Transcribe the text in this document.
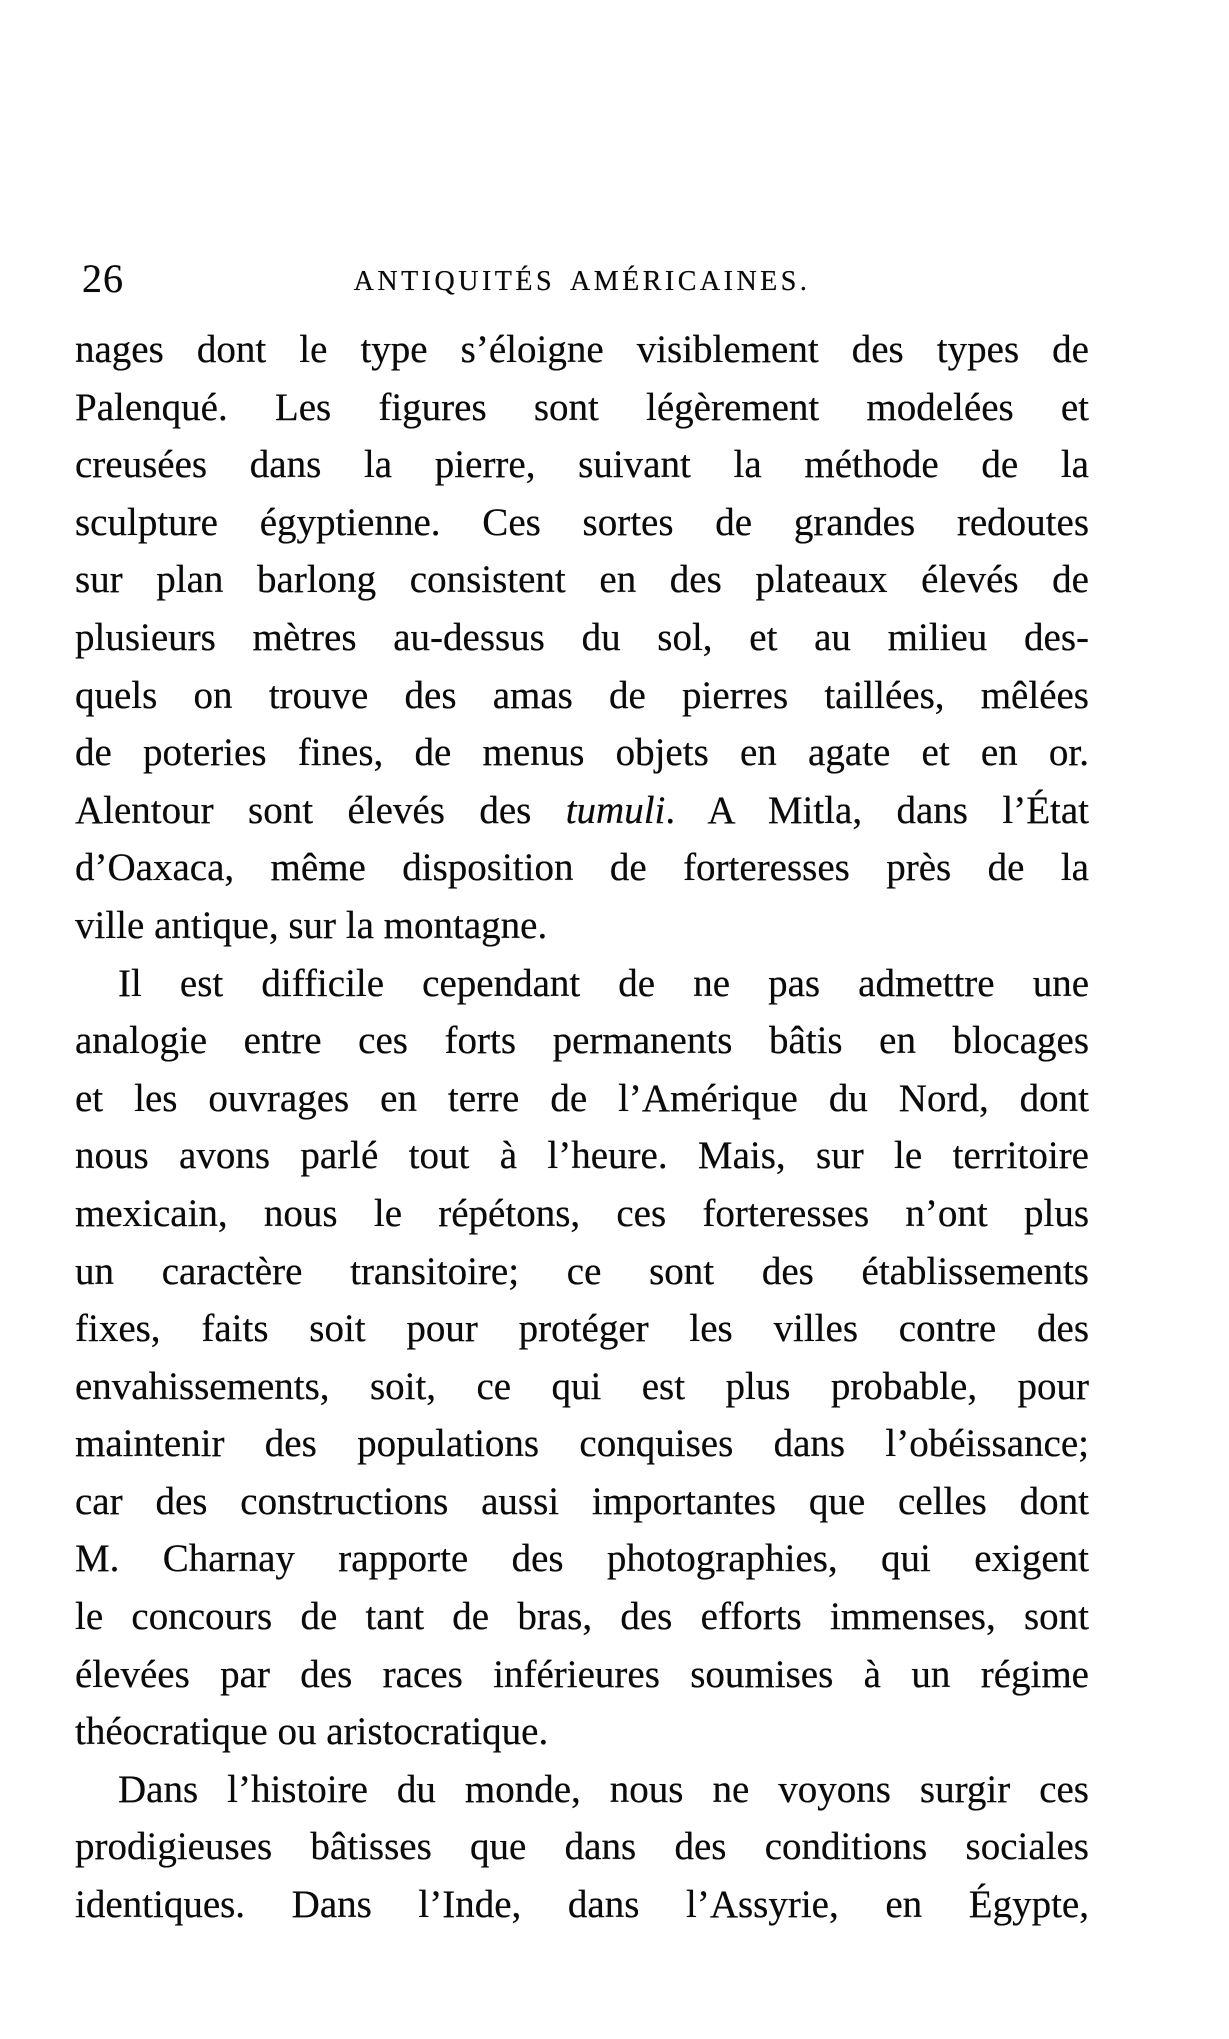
26	ANTIQUITÉS AMÉRICAINES.
nages dont le type s’éloigne visiblement des types de
Palenqué. Les figures sont légèrement modelées et
creusées dans la pierre, suivant la méthode de la
sculpture égyptienne. Ces sortes de grandes redoutes
sur plan barlong consistent en des plateaux élevés de
plusieurs mètres au-dessus du sol, et au milieu des-
quels on trouve des amas de pierres taillées, mêlées
de poteries fines, de menus objets en agate et en or.
Alentour sont élevés des tumuli. A Mitla, dans l’État
d’Oaxaca, même disposition de forteresses près de la
ville antique, sur la montagne.
Il est difficile cependant de ne pas admettre une
analogie entre ces forts permanents bâtis en blocages
et les ouvrages en terre de l’Amérique du Nord, dont
nous avons parlé tout à l’heure. Mais, sur le territoire
mexicain, nous le répétons, ces forteresses n’ont plus
un caractère transitoire; ce sont des établissements
fixes, faits soit pour protéger les villes contre des
envahissements, soit, ce qui est plus probable, pour
maintenir des populations conquises dans l’obéissance;
car des constructions aussi importantes que celles dont
M. Charnay rapporte des photographies, qui exigent
le concours de tant de bras, des efforts immenses, sont
élevées par des races inférieures soumises à un régime
théocratique ou aristocratique.
Dans l’histoire du monde, nous ne voyons surgir ces
prodigieuses bâtisses que dans des conditions sociales
identiques. Dans l’Inde, dans l’Assyrie, en Égypte,
